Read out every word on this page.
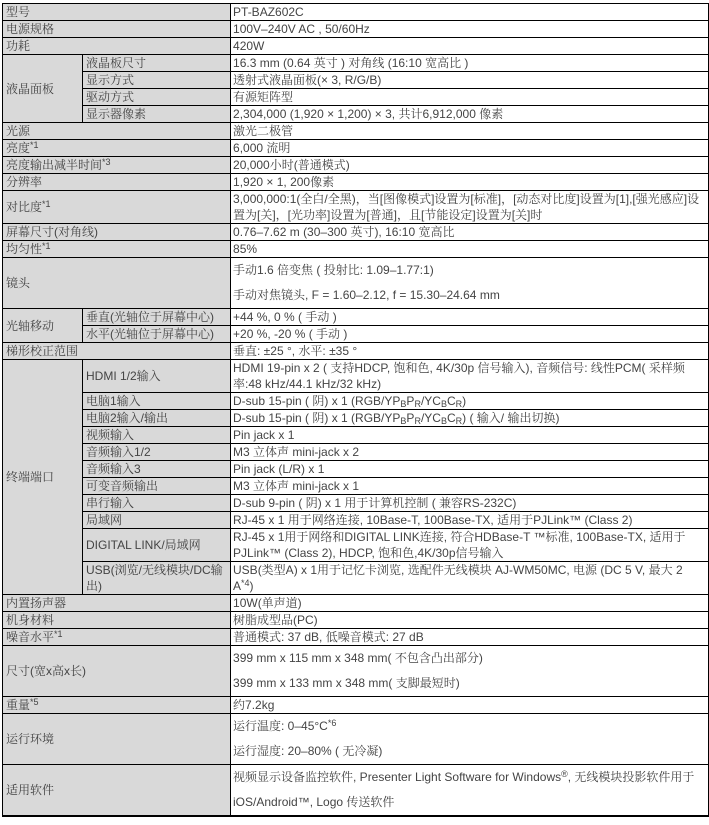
型号		PT-BAZ602C

电源规格		100V–240V AC , 50/60Hz

功耗		420W

液晶面板	液晶板尺寸	16.3 mm (0.64 英寸 ) 对角线 (16:10 宽高比 )

	显示方式	透射式液晶面板(× 3, R/G/B)

	驱动方式	有源矩阵型

	显示器像素	2,304,000 (1,920 × 1,200) × 3, 共计6,912,000 像素

光源		激光二极管

亮度$^{*1}$		6,000 流明

亮度输出减半时间$^{*3}$		20,000小时(普通模式)

分辨率		1,920 × 1, 200像素

对比度$^{*1}$		3,000,000:1(全白/全黑)，当[图像模式]设置为[标准]，[动态对比度]设置为[1],[强光感应]设置为[关]，[光功率]设置为[普通]，且[节能设定]设置为[关]时

屏幕尺寸(对角线)		0.76–7.62 m (30–300 英寸), 16:10 宽高比

均匀性$^{*1}$		85%

镜头		手动1.6 倍变焦 ( 投射比: 1.09–1.77:1)
手动对焦镜头, F = 1.60–2.12, f = 15.30–24.64 mm

光轴移动	垂直(光轴位于屏幕中心)	+44 %, 0 % ( 手动 )

	水平(光轴位于屏幕中心)	+20 %, -20 % ( 手动 )

梯形校正范围		垂直: ±25 °, 水平: ±35 °

终端端口	HDMI 1/2输入	HDMI 19-pin x 2 ( 支持HDCP, 饱和色, 4K/30p 信号输入), 音频信号: 线性PCM( 采样频率:48 kHz/44.1 kHz/32 kHz)

	电脑1输入	D-sub 15-pin ( 阴) x 1 $(RGB/YP_BP_R/YC_BC_R)$

	电脑2输入/输出	D-sub 15-pin ( 阴) x 1 $(RGB/YP_BP_R/YC_BC_R)$ ( 输入/ 输出切换)

	视频输入	Pin jack x 1

	音频输入1/2	M3 立体声 mini-jack x 2

	音频输入3	Pin jack (L/R) x 1

	可变音频输出	M3 立体声 mini-jack x 1

	串行输入	D-sub 9-pin ( 阴) x 1 用于计算机控制 ( 兼容RS-232C)

	局域网	RJ-45 x 1 用于网络连接, 10Base-T, 100Base-TX, 适用于PJLink™ (Class 2)

	DIGITAL LINK/局域网	RJ-45 x 1用于网络和DIGITAL LINK连接, 符合HDBase-T ™标准, 100Base-TX, 适用于PJLink™ (Class 2), HDCP, 饱和色,4K/30p信号输入

	USB(浏览/无线模块/DC输出)	USB(类型A) x 1用于记忆卡浏览, 选配件无线模块 AJ-WM50MC, 电源 (DC 5 V, 最大 2 $A^{*4}$)

内置扬声器		10W(单声道)

机身材料		树脂成型品(PC)

噪音水平$^{*1}$		普通模式: 37 dB, 低噪音模式: 27 dB

尺寸(宽x高x长)		399 mm x 115 mm x 348 mm( 不包含凸出部分)
399 mm x 133 mm x 348 mm( 支脚最短时)

重量$^{*5}$		约7.2kg

运行环境		运行温度: $0-45^\circ C^{*6}$
运行湿度: 20–80% ( 无冷凝)

适用软件		视频显示设备监控软件, Presenter Light Software for Windows®, 无线模块投影软件用于iOS/Android™, Logo 传送软件
